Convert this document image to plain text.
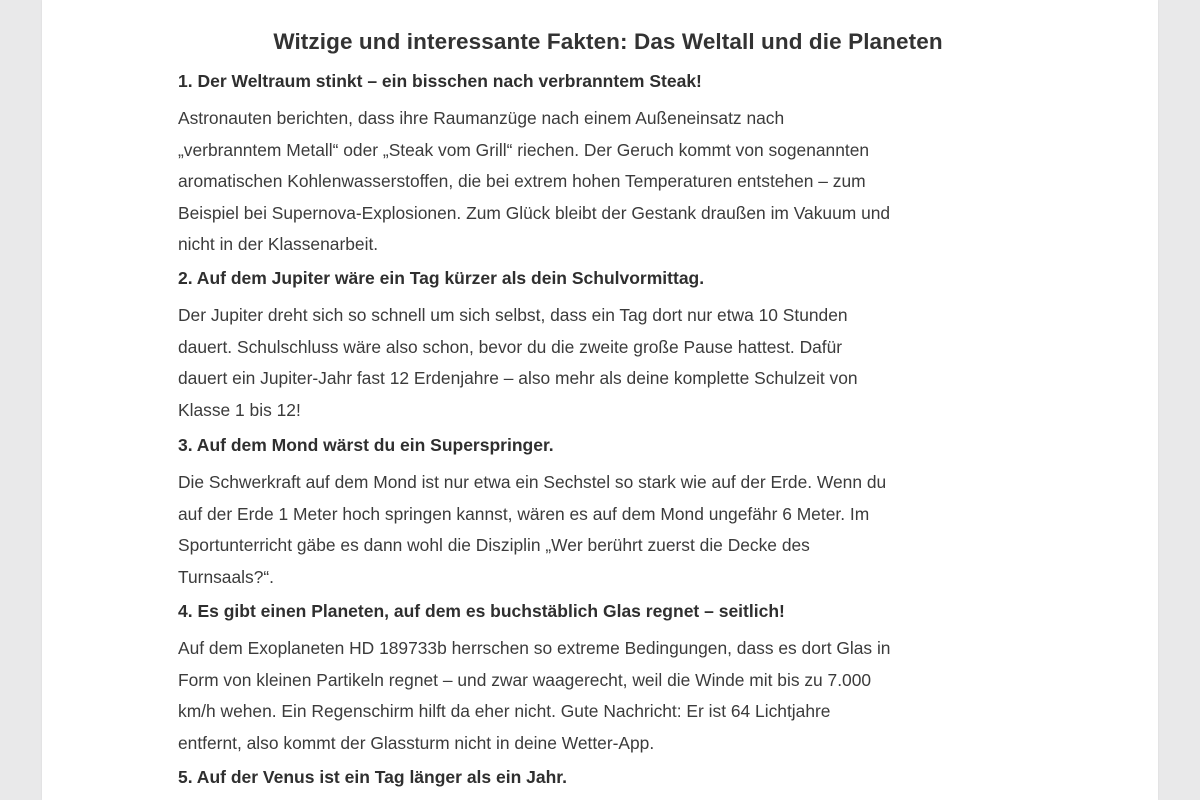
Witzige und interessante Fakten: Das Weltall und die Planeten
1. Der Weltraum stinkt – ein bisschen nach verbranntem Steak!

Astronauten berichten, dass ihre Raumanzüge nach einem Außeneinsatz nach
„verbranntem Metall“ oder „Steak vom Grill“ riechen. Der Geruch kommt von sogenannten
aromatischen Kohlenwasserstoffen, die bei extrem hohen Temperaturen entstehen – zum
Beispiel bei Supernova-Explosionen. Zum Glück bleibt der Gestank draußen im Vakuum und
nicht in der Klassenarbeit.

2. Auf dem Jupiter wäre ein Tag kürzer als dein Schulvormittag.

Der Jupiter dreht sich so schnell um sich selbst, dass ein Tag dort nur etwa 10 Stunden
dauert. Schulschluss wäre also schon, bevor du die zweite große Pause hattest. Dafür
dauert ein Jupiter-Jahr fast 12 Erdenjahre – also mehr als deine komplette Schulzeit von
Klasse 1 bis 12!

3. Auf dem Mond wärst du ein Superspringer.

Die Schwerkraft auf dem Mond ist nur etwa ein Sechstel so stark wie auf der Erde. Wenn du
auf der Erde 1 Meter hoch springen kannst, wären es auf dem Mond ungefähr 6 Meter. Im
Sportunterricht gäbe es dann wohl die Disziplin „Wer berührt zuerst die Decke des
Turnsaals?“.

4. Es gibt einen Planeten, auf dem es buchstäblich Glas regnet – seitlich!

Auf dem Exoplaneten HD 189733b herrschen so extreme Bedingungen, dass es dort Glas in
Form von kleinen Partikeln regnet – und zwar waagerecht, weil die Winde mit bis zu 7.000
km/h wehen. Ein Regenschirm hilft da eher nicht. Gute Nachricht: Er ist 64 Lichtjahre
entfernt, also kommt der Glassturm nicht in deine Wetter-App.

5. Auf der Venus ist ein Tag länger als ein Jahr.
